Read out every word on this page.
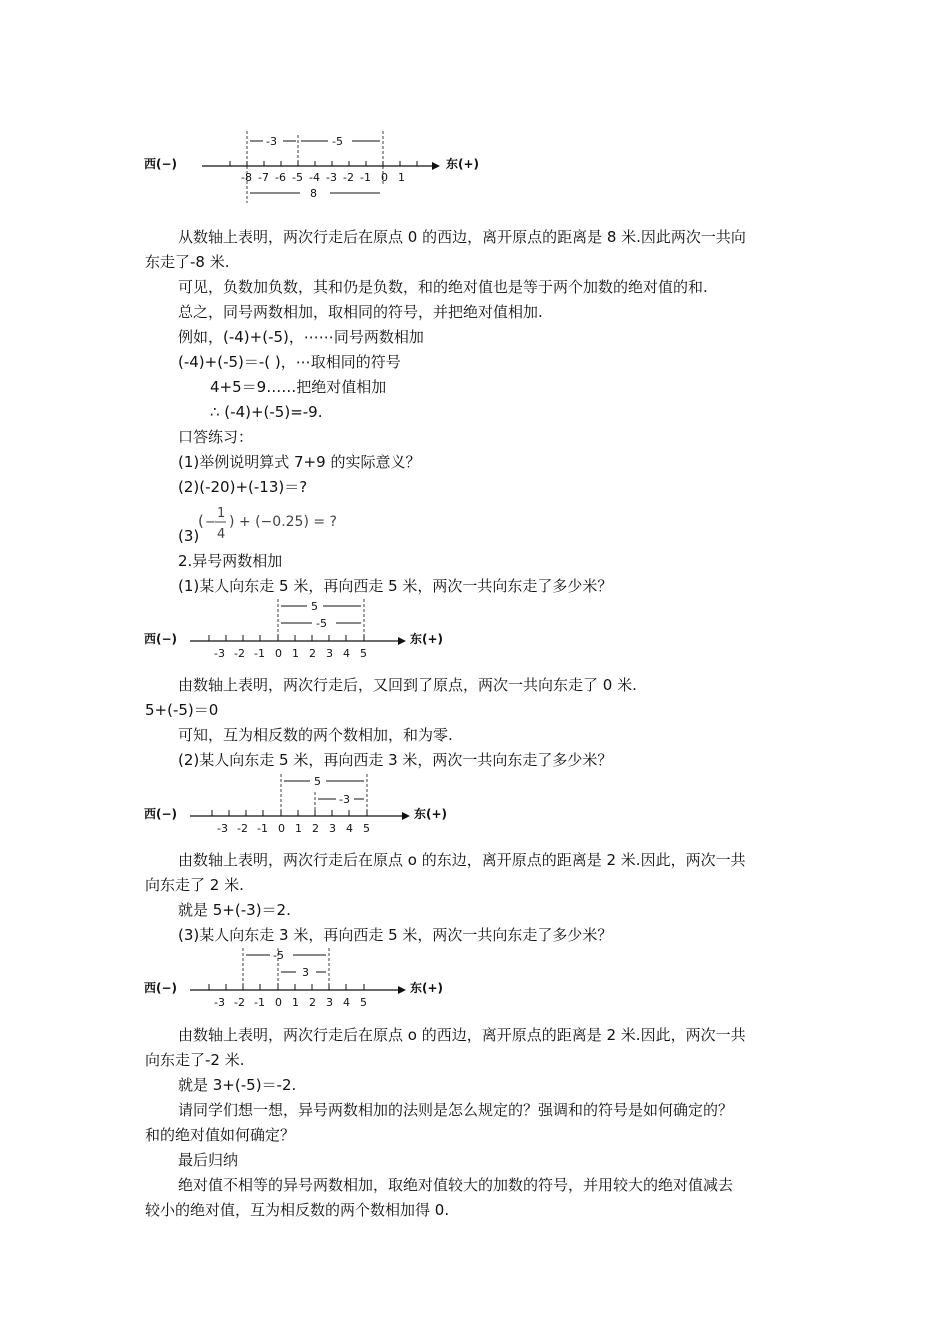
西(−)	东(+)
-8 -7 -6 -5 -4 -3 -2 -1 0 1
-3	-5
8
从数轴上表明，两次行走后在原点 0 的西边，离开原点的距离是 8 米.因此两次一共向
东走了-8 米.
可见，负数加负数，其和仍是负数，和的绝对值也是等于两个加数的绝对值的和.
总之，同号两数相加，取相同的符号，并把绝对值相加.
例如，(-4)+(-5)，⋯⋯同号两数相加
(-4)+(-5)＝-( )，⋯取相同的符号
4+5＝9……把绝对值相加
∴ (-4)+(-5)=-9.
口答练习：
(1)举例说明算式 7+9 的实际意义？
(2)(-20)+(-13)＝?
(3)
( −
1
4
) + (−0.25) = ?
2.异号两数相加
(1)某人向东走 5 米，再向西走 5 米，两次一共向东走了多少米？
西(−)	东(+)
-3 -2 -1 0 1 2 3 4 5
5
-5
由数轴上表明，两次行走后，又回到了原点，两次一共向东走了 0 米.
5+(-5)＝0
可知，互为相反数的两个数相加，和为零.
(2)某人向东走 5 米，再向西走 3 米，两次一共向东走了多少米？
西(−)	东(+)
-3 -2 -1 0 1 2 3 4 5
5
-3
由数轴上表明，两次行走后在原点 o 的东边，离开原点的距离是 2 米.因此，两次一共
向东走了 2 米.
就是 5+(-3)＝2.
(3)某人向东走 3 米，再向西走 5 米，两次一共向东走了多少米？
西(−)	东(+)
-3 -2 -1 0 1 2 3 4 5
-5
3
由数轴上表明，两次行走后在原点 o 的西边，离开原点的距离是 2 米.因此，两次一共
向东走了-2 米.
就是 3+(-5)＝-2.
请同学们想一想，异号两数相加的法则是怎么规定的？强调和的符号是如何确定的？
和的绝对值如何确定？
最后归纳
绝对值不相等的异号两数相加，取绝对值较大的加数的符号，并用较大的绝对值减去
较小的绝对值，互为相反数的两个数相加得 0.
